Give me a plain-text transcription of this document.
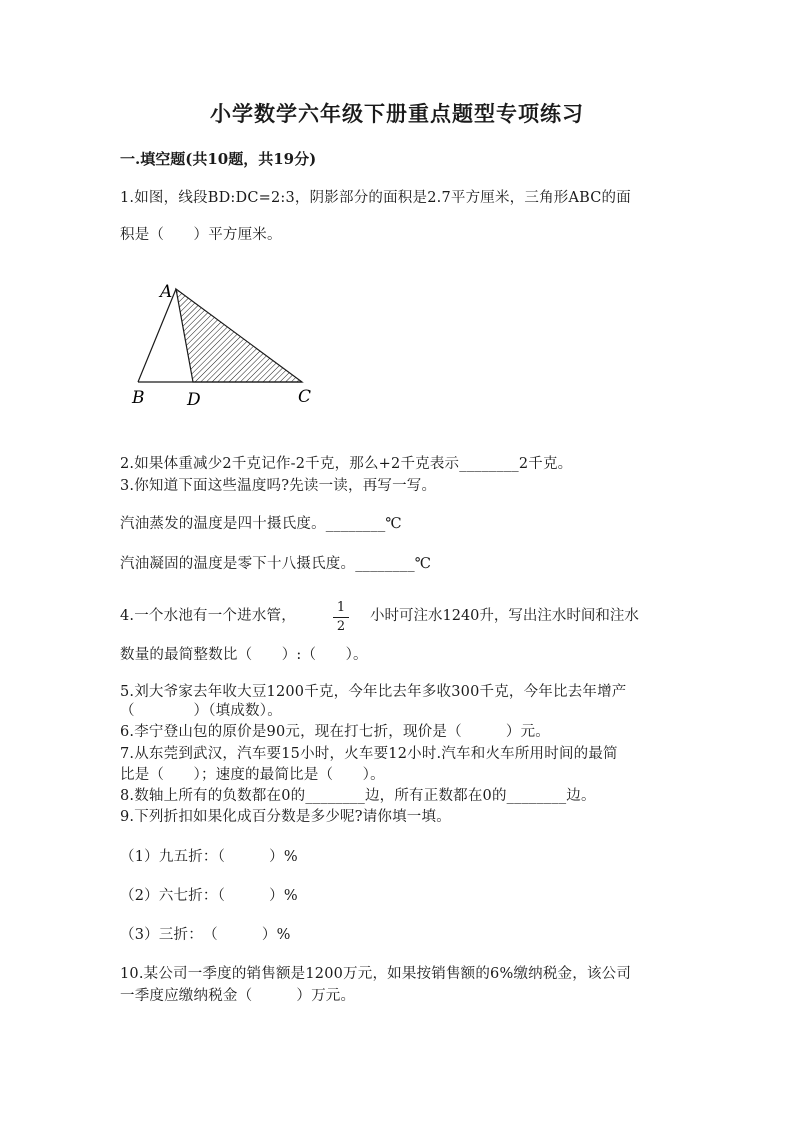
小学数学六年级下册重点题型专项练习
一.填空题(共10题，共19分)
1.如图，线段BD:DC=2:3，阴影部分的面积是2.7平方厘米，三角形ABC的面
积是（　　）平方厘米。
A
B	D	C
2.如果体重减少2千克记作-2千克，那么+2千克表示________2千克。
3.你知道下面这些温度吗?先读一读，再写一写。
汽油蒸发的温度是四十摄氏度。________℃
汽油凝固的温度是零下十八摄氏度。________℃
4.一个水池有一个进水管，
1
2
小时可注水1240升，写出注水时间和注水
数量的最简整数比（　　）:（　　）。
5.刘大爷家去年收大豆1200千克，今年比去年多收300千克，今年比去年增产
（　　　　）（填成数）。
6.李宁登山包的原价是90元，现在打七折，现价是（　　　）元。
7.从东莞到武汉，汽车要15小时，火车要12小时.汽车和火车所用时间的最简
比是（　　）；速度的最简比是（　　）。
8.数轴上所有的负数都在0的________边，所有正数都在0的________边。
9.下列折扣如果化成百分数是多少呢?请你填一填。
（1）九五折：（　　　）%
（2）六七折：（　　　）%
（3）三折：　（　　　）%
10.某公司一季度的销售额是1200万元，如果按销售额的6%缴纳税金，该公司
一季度应缴纳税金（　　　）万元。
